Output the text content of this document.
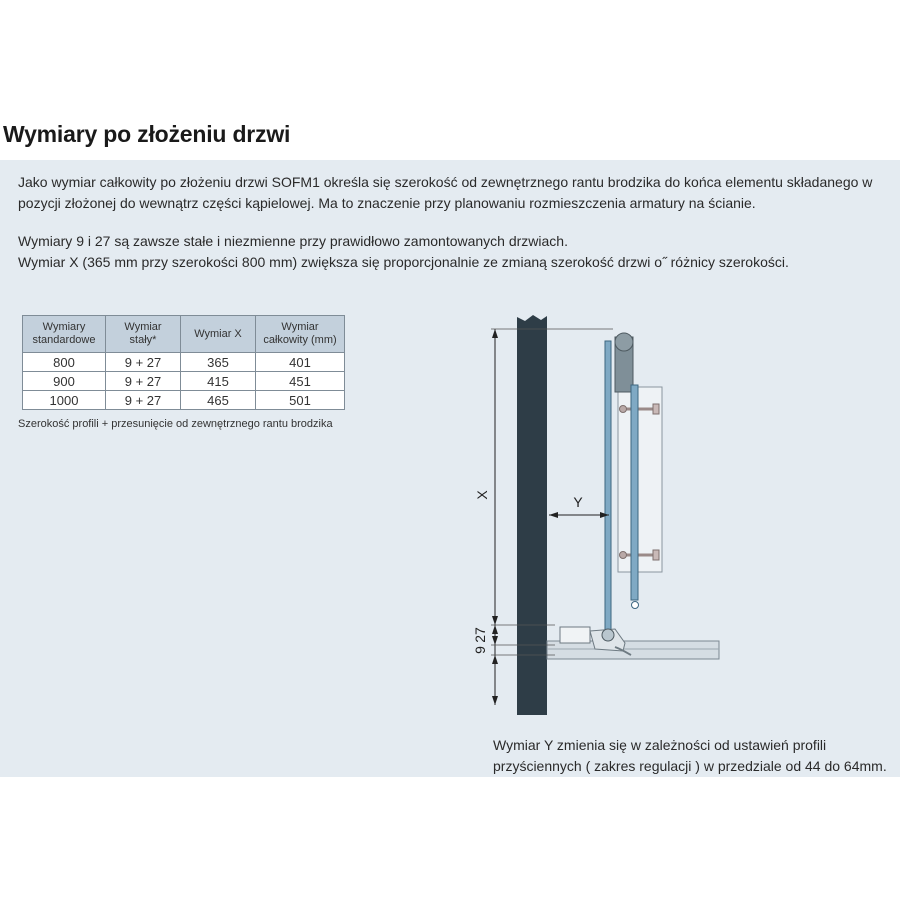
Wymiary po złożeniu drzwi
Jako wymiar całkowity po złożeniu drzwi SOFM1 określa się szerokość od zewnętrznego rantu brodzika do końca elementu składanego w pozycji złożonej do wewnątrz części kąpielowej. Ma to znaczenie przy planowaniu rozmieszczenia armatury na ścianie.
Wymiary 9 i 27 są zawsze stałe i niezmienne przy prawidłowo zamontowanych drzwiach.
Wymiar X (365 mm przy szerokości 800 mm) zwiększa się proporcjonalnie ze zmianą szerokość drzwi o˝ różnicy szerokości.
Wymiary standardowe	Wymiar stały*	Wymiar X	Wymiar całkowity (mm)
800	9 + 27	365	401
900	9 + 27	415	451
1000	9 + 27	465	501
Szerokość profili + przesunięcie od zewnętrznego rantu brodzika
X
27
9
Y
Wymiar Y zmienia się w zależności od ustawień profili
przyściennych ( zakres regulacji ) w przedziale od 44 do 64mm.
